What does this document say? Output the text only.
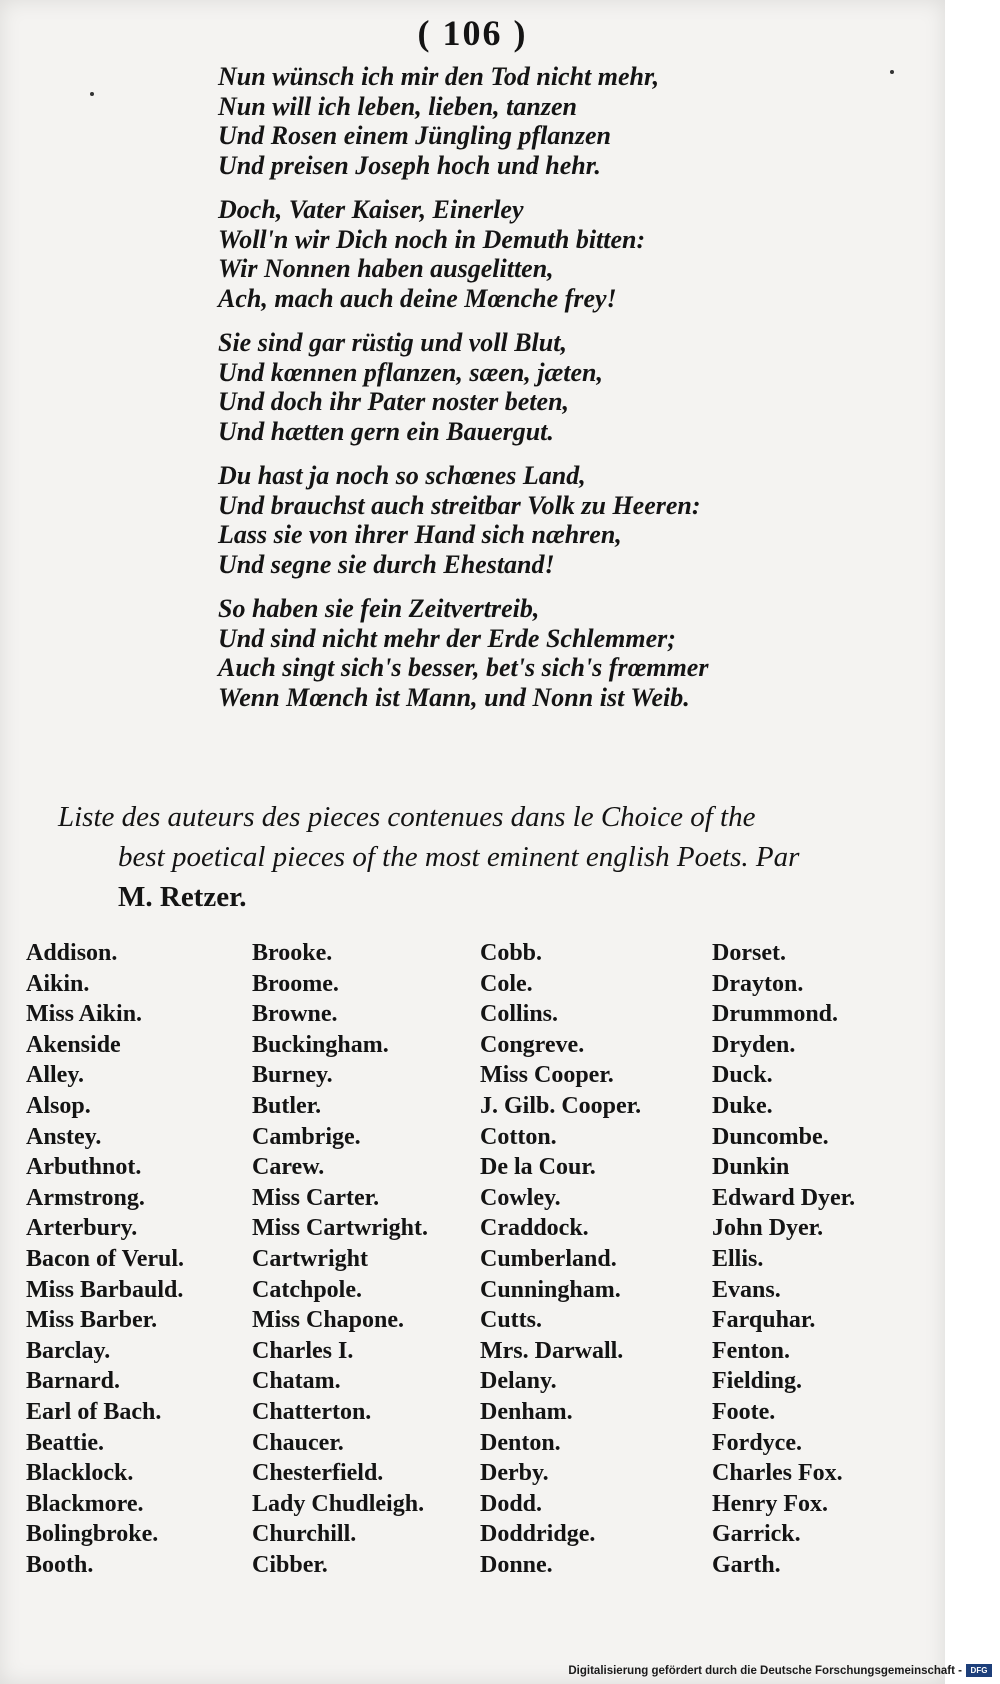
( 106 )
Nun wünsch ich mir den Tod nicht mehr,
Nun will ich leben, lieben, tanzen
Und Rosen einem Jüngling pflanzen
Und preisen Joseph hoch und hehr.
Doch, Vater Kaiser, Einerley
Woll'n wir Dich noch in Demuth bitten:
Wir Nonnen haben ausgelitten,
Ach, mach auch deine Mœnche frey!
Sie sind gar rüstig und voll Blut,
Und kœnnen pflanzen, sæen, jæten,
Und doch ihr Pater noster beten,
Und hætten gern ein Bauergut.
Du hast ja noch so schœnes Land,
Und brauchst auch streitbar Volk zu Heeren:
Lass sie von ihrer Hand sich næhren,
Und segne sie durch Ehestand!
So haben sie fein Zeitvertreib,
Und sind nicht mehr der Erde Schlemmer;
Auch singt sich's besser, bet's sich's frœmmer
Wenn Mœnch ist Mann, und Nonn ist Weib.
Liste des auteurs des pieces contenues dans le Choice of the
best poetical pieces of the most eminent english Poets. Par
M. Retzer.
Addison.
Aikin.
Miss Aikin.
Akenside
Alley.
Alsop.
Anstey.
Arbuthnot.
Armstrong.
Arterbury.
Bacon of Verul.
Miss Barbauld.
Miss Barber.
Barclay.
Barnard.
Earl of Bach.
Beattie.
Blacklock.
Blackmore.
Bolingbroke.
Booth.
Brooke.
Broome.
Browne.
Buckingham.
Burney.
Butler.
Cambrige.
Carew.
Miss Carter.
Miss Cartwright.
Cartwright
Catchpole.
Miss Chapone.
Charles I.
Chatam.
Chatterton.
Chaucer.
Chesterfield.
Lady Chudleigh.
Churchill.
Cibber.
Cobb.
Cole.
Collins.
Congreve.
Miss Cooper.
J. Gilb. Cooper.
Cotton.
De la Cour.
Cowley.
Craddock.
Cumberland.
Cunningham.
Cutts.
Mrs. Darwall.
Delany.
Denham.
Denton.
Derby.
Dodd.
Doddridge.
Donne.
Dorset.
Drayton.
Drummond.
Dryden.
Duck.
Duke.
Duncombe.
Dunkin
Edward Dyer.
John Dyer.
Ellis.
Evans.
Farquhar.
Fenton.
Fielding.
Foote.
Fordyce.
Charles Fox.
Henry Fox.
Garrick.
Garth.
Digitalisierung gefördert durch die Deutsche Forschungsgemeinschaft -	DFG
